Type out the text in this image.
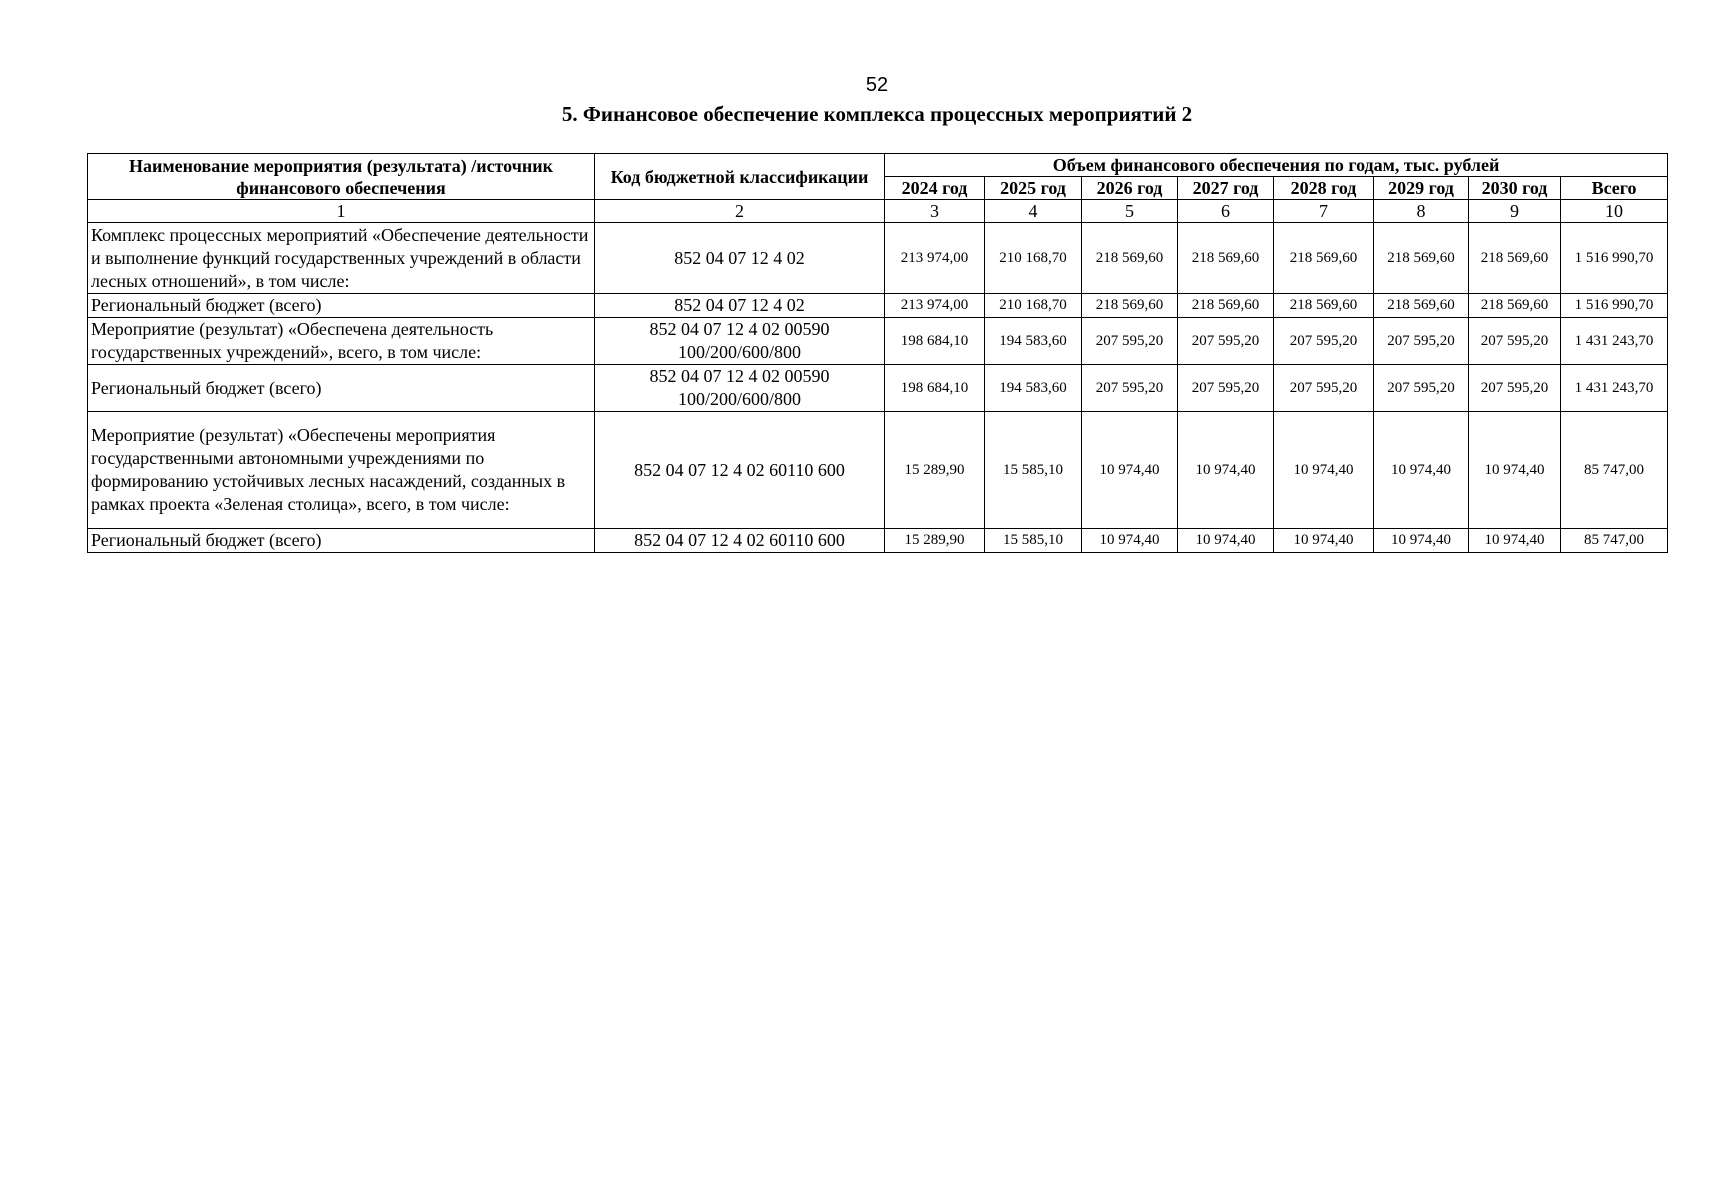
52
5. Финансовое обеспечение комплекса процессных мероприятий 2
Наименование мероприятия (результата) /источник финансового обеспечения	Код бюджетной классификации	Объем финансового обеспечения по годам, тыс. рублей							
		2024 год	2025 год	2026 год	2027 год	2028 год	2029 год	2030 год	Всего
1	2	3	4	5	6	7	8	9	10
Комплекс процессных мероприятий «Обеспечение деятельности и выполнение функций государственных учреждений в области лесных отношений», в том числе:	852 04 07 12 4 02	213 974,00	210 168,70	218 569,60	218 569,60	218 569,60	218 569,60	218 569,60	1 516 990,70
Региональный бюджет (всего)	852 04 07 12 4 02	213 974,00	210 168,70	218 569,60	218 569,60	218 569,60	218 569,60	218 569,60	1 516 990,70
Мероприятие (результат) «Обеспечена деятельность государственных учреждений», всего, в том числе:	852 04 07 12 4 02 00590 100/200/600/800	198 684,10	194 583,60	207 595,20	207 595,20	207 595,20	207 595,20	207 595,20	1 431 243,70
Региональный бюджет (всего)	852 04 07 12 4 02 00590 100/200/600/800	198 684,10	194 583,60	207 595,20	207 595,20	207 595,20	207 595,20	207 595,20	1 431 243,70
Мероприятие (результат) «Обеспечены мероприятия государственными автономными учреждениями по формированию устойчивых лесных насаждений, созданных в рамках проекта «Зеленая столица», всего, в том числе:	852 04 07 12 4 02 60110 600	15 289,90	15 585,10	10 974,40	10 974,40	10 974,40	10 974,40	10 974,40	85 747,00
Региональный бюджет (всего)	852 04 07 12 4 02 60110 600	15 289,90	15 585,10	10 974,40	10 974,40	10 974,40	10 974,40	10 974,40	85 747,00
